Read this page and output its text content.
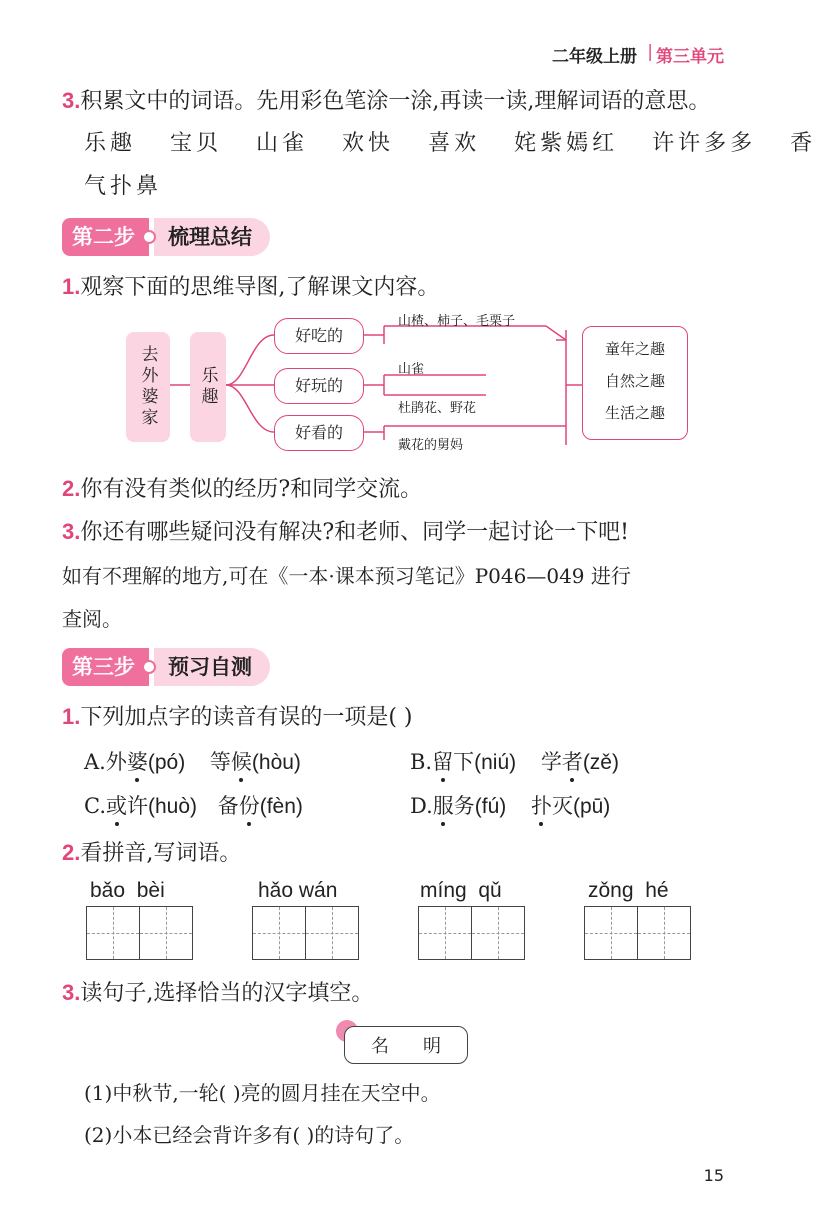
二年级上册 | 第三单元
3.积累文中的词语。先用彩色笔涂一涂,再读一读,理解词语的意思。
乐趣 宝贝 山雀 欢快 喜欢 姹紫嫣红 许许多多 香
气扑鼻
第二步	梳理总结
1.观察下面的思维导图,了解课文内容。
去外婆家	乐趣
好吃的
好玩的
好看的
山楂、柿子、毛栗子
山雀
杜鹃花、野花
戴花的舅妈
童年之趣
自然之趣
生活之趣
2.你有没有类似的经历?和同学交流。
3.你还有哪些疑问没有解决?和老师、同学一起讨论一下吧!
如有不理解的地方,可在《一本·课本预习笔记》P046—049 进行
查阅。
第三步	预习自测
1.下列加点字的读音有误的一项是( )
A.外婆(pó) 等候(hòu)	B.留下(niú) 学者(zě)
C.或许(huò) 备份(fèn)	D.服务(fú) 扑灭(pū)
2.看拼音,写词语。
bǎo  bèi	hǎo wán	míng  qǔ	zǒng  hé
3.读句子,选择恰当的汉字填空。
名 明
(1)中秋节,一轮( )亮的圆月挂在天空中。
(2)小本已经会背许多有( )的诗句了。
15
